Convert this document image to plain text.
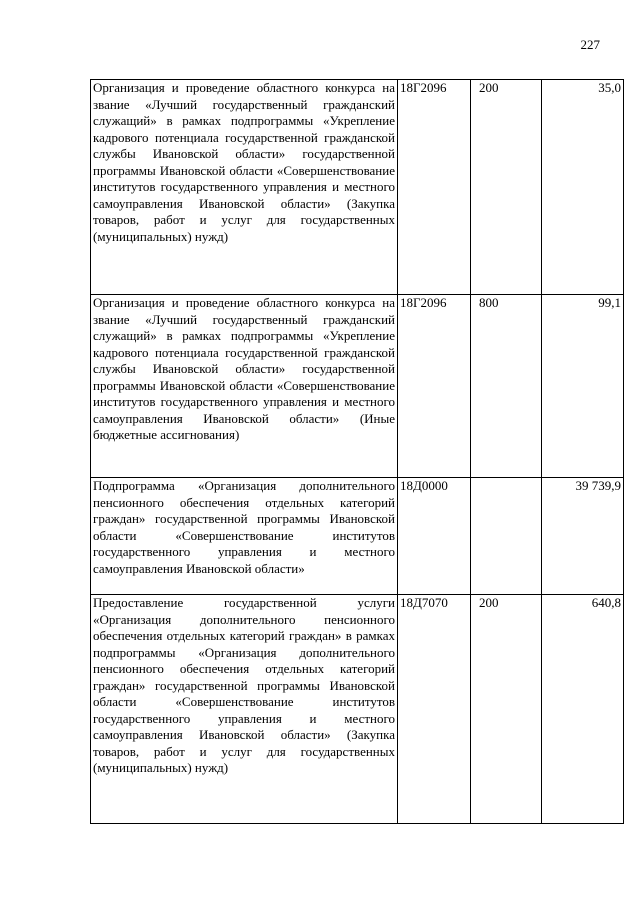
227
Организация и проведение областного конкурса на звание «Лучший государственный гражданский служащий» в рамках подпрограммы «Укрепление кадрового потенциала государственной гражданской службы Ивановской области» государственной программы Ивановской области «Совершенствование институтов государственного управления и местного самоуправления Ивановской области» (Закупка товаров, работ и услуг для государственных (муниципальных) нужд)	18Г2096	200	35,0
Организация и проведение областного конкурса на звание «Лучший государственный гражданский служащий» в рамках подпрограммы «Укрепление кадрового потенциала государственной гражданской службы Ивановской области» государственной программы Ивановской области «Совершенствование институтов государственного управления и местного самоуправления Ивановской области» (Иные бюджетные ассигнования)	18Г2096	800	99,1
Подпрограмма «Организация дополнительного пенсионного обеспечения отдельных категорий граждан» государственной программы Ивановской области «Совершенствование институтов государственного управления и местного самоуправления Ивановской области»	18Д0000		39 739,9
Предоставление государственной услуги «Организация дополнительного пенсионного обеспечения отдельных категорий граждан» в рамках подпрограммы «Организация дополнительного пенсионного обеспечения отдельных категорий граждан» государственной программы Ивановской области «Совершенствование институтов государственного управления и местного самоуправления Ивановской области» (Закупка товаров, работ и услуг для государственных (муниципальных) нужд)	18Д7070	200	640,8
